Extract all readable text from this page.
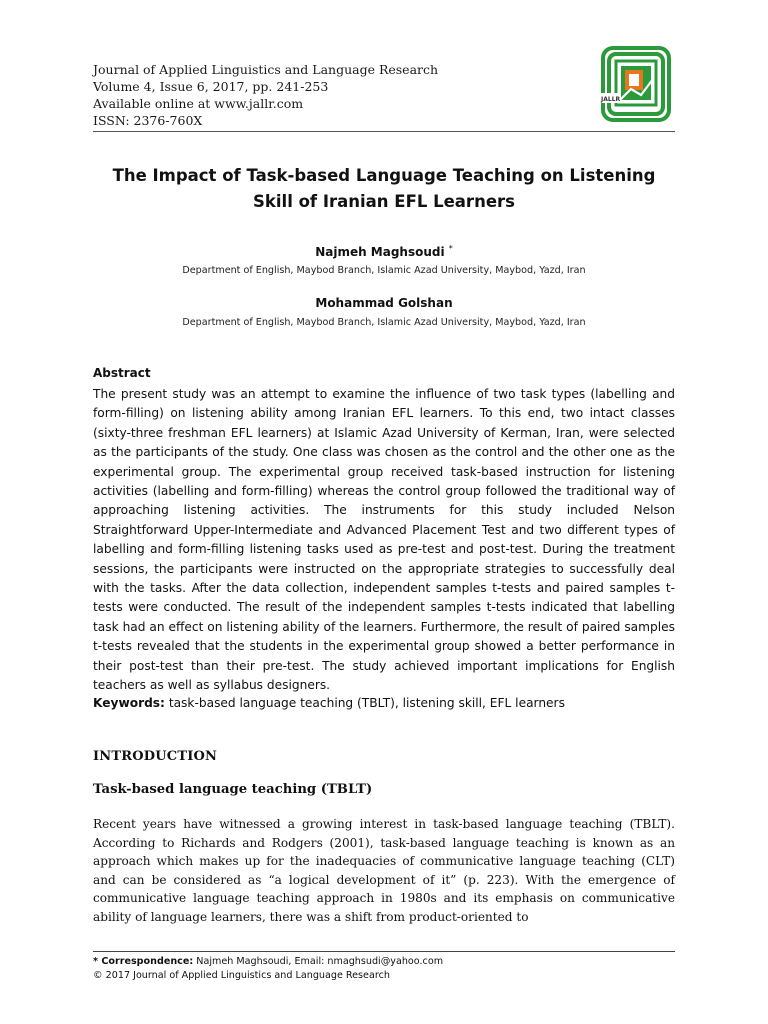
Journal of Applied Linguistics and Language Research
Volume 4, Issue 6, 2017, pp. 241-253
Available online at www.jallr.com
ISSN: 2376-760X
JALLR
The Impact of Task-based Language Teaching on Listening Skill of Iranian EFL Learners
Najmeh Maghsoudi *
Department of English, Maybod Branch, Islamic Azad University, Maybod, Yazd, Iran
Mohammad Golshan
Department of English, Maybod Branch, Islamic Azad University, Maybod, Yazd, Iran
Abstract
The present study was an attempt to examine the influence of two task types (labelling and form-filling) on listening ability among Iranian EFL learners. To this end, two intact classes (sixty-three freshman EFL learners) at Islamic Azad University of Kerman, Iran, were selected as the participants of the study. One class was chosen as the control and the other one as the experimental group. The experimental group received task-based instruction for listening activities (labelling and form-filling) whereas the control group followed the traditional way of approaching listening activities. The instruments for this study included Nelson Straightforward Upper-Intermediate and Advanced Placement Test and two different types of labelling and form-filling listening tasks used as pre-test and post-test. During the treatment sessions, the participants were instructed on the appropriate strategies to successfully deal with the tasks. After the data collection, independent samples t-tests and paired samples t-tests were conducted. The result of the independent samples t-tests indicated that labelling task had an effect on listening ability of the learners. Furthermore, the result of paired samples t-tests revealed that the students in the experimental group showed a better performance in their post-test than their pre-test. The study achieved important implications for English teachers as well as syllabus designers.
Keywords: task-based language teaching (TBLT), listening skill, EFL learners
INTRODUCTION
Task-based language teaching (TBLT)
Recent years have witnessed a growing interest in task-based language teaching (TBLT). According to Richards and Rodgers (2001), task-based language teaching is known as an approach which makes up for the inadequacies of communicative language teaching (CLT) and can be considered as “a logical development of it” (p. 223). With the emergence of communicative language teaching approach in 1980s and its emphasis on communicative ability of language learners, there was a shift from product-oriented to
* Correspondence: Najmeh Maghsoudi, Email: nmaghsudi@yahoo.com
© 2017 Journal of Applied Linguistics and Language Research
